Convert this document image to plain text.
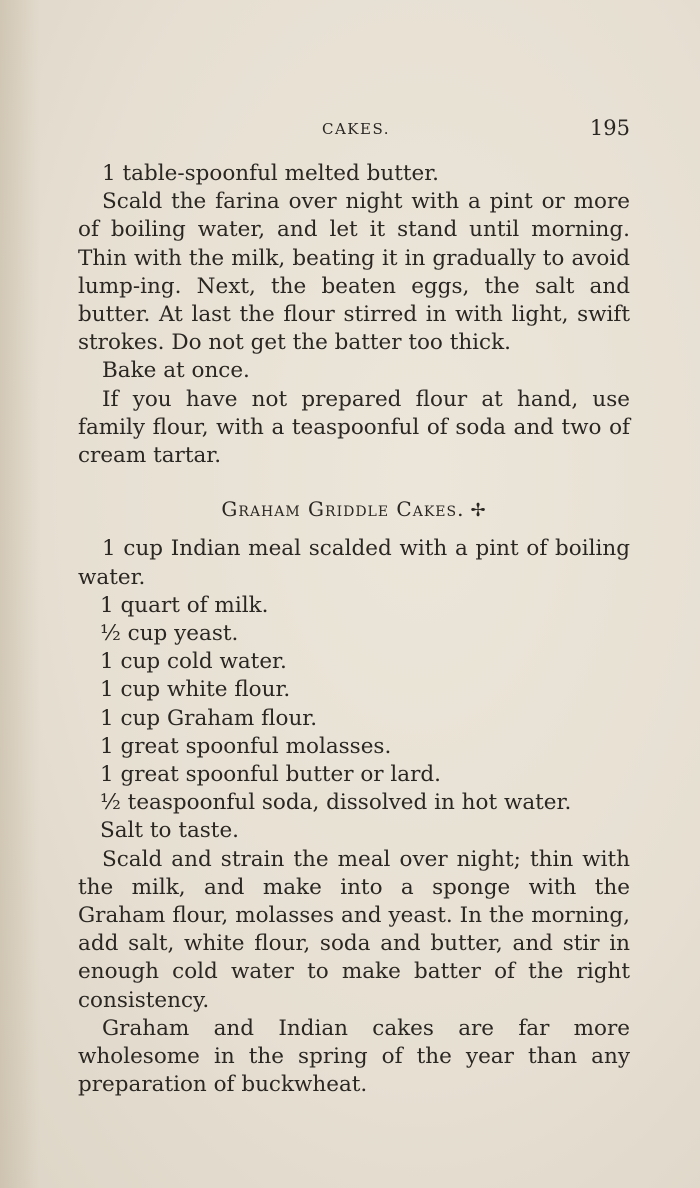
CAKES.	195

1 table-spoonful melted butter.

Scald the farina over night with a pint or more of boiling water, and let it stand until morning. Thin with the milk, beating it in gradually to avoid lump-ing. Next, the beaten eggs, the salt and butter. At last the flour stirred in with light, swift strokes. Do not get the batter too thick.

Bake at once.

If you have not prepared flour at hand, use family flour, with a teaspoonful of soda and two of cream tartar.

Graham Griddle Cakes. ✢

1 cup Indian meal scalded with a pint of boiling water.

1 quart of milk.

½ cup yeast.

1 cup cold water.

1 cup white flour.

1 cup Graham flour.

1 great spoonful molasses.

1 great spoonful butter or lard.

½ teaspoonful soda, dissolved in hot water.

Salt to taste.

Scald and strain the meal over night; thin with the milk, and make into a sponge with the Graham flour, molasses and yeast. In the morning, add salt, white flour, soda and butter, and stir in enough cold water to make batter of the right consistency.

Graham and Indian cakes are far more wholesome in the spring of the year than any preparation of buckwheat.
